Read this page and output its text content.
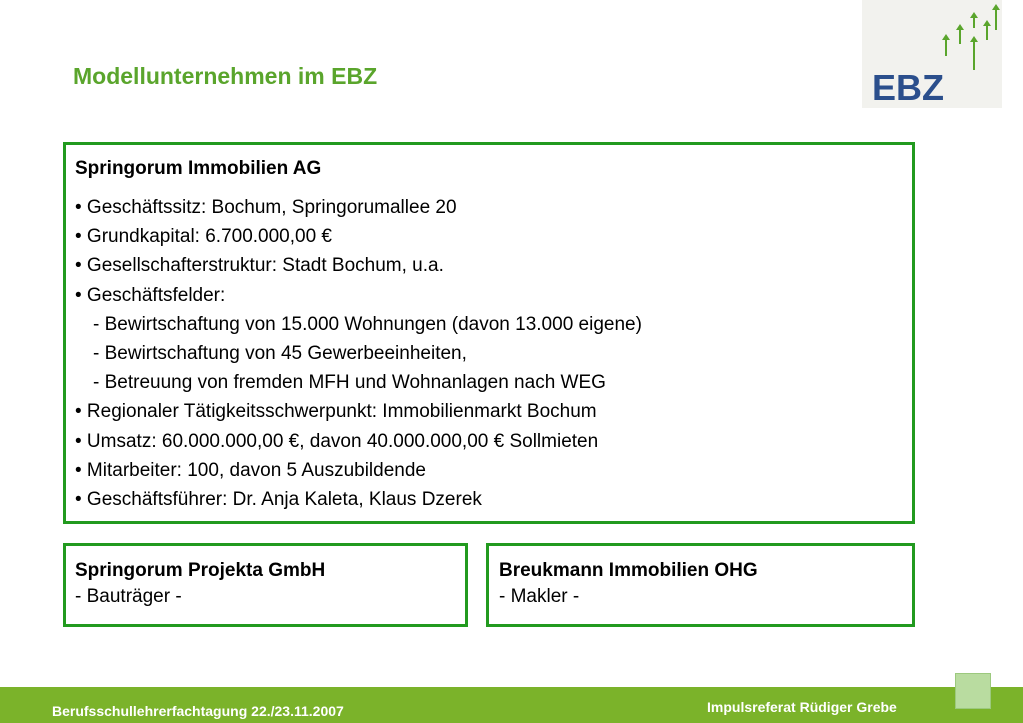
Modellunternehmen im EBZ	EBZ
Springorum Immobilien AG
• Geschäftssitz: Bochum, Springorumallee 20
• Grundkapital: 6.700.000,00 €
• Gesellschafterstruktur: Stadt Bochum, u.a.
• Geschäftsfelder:
- Bewirtschaftung von 15.000 Wohnungen (davon 13.000 eigene)
- Bewirtschaftung von 45 Gewerbeeinheiten,
- Betreuung von fremden MFH und Wohnanlagen nach WEG
• Regionaler Tätigkeitsschwerpunkt: Immobilienmarkt Bochum
• Umsatz: 60.000.000,00 €, davon 40.000.000,00 € Sollmieten
• Mitarbeiter: 100, davon 5 Auszubildende
• Geschäftsführer: Dr. Anja Kaleta, Klaus Dzerek
Springorum Projekta GmbH
- Bauträger -
Breukmann Immobilien OHG
- Makler -
Berufsschullehrerfachtagung 22./23.11.2007	Impulsreferat Rüdiger Grebe
